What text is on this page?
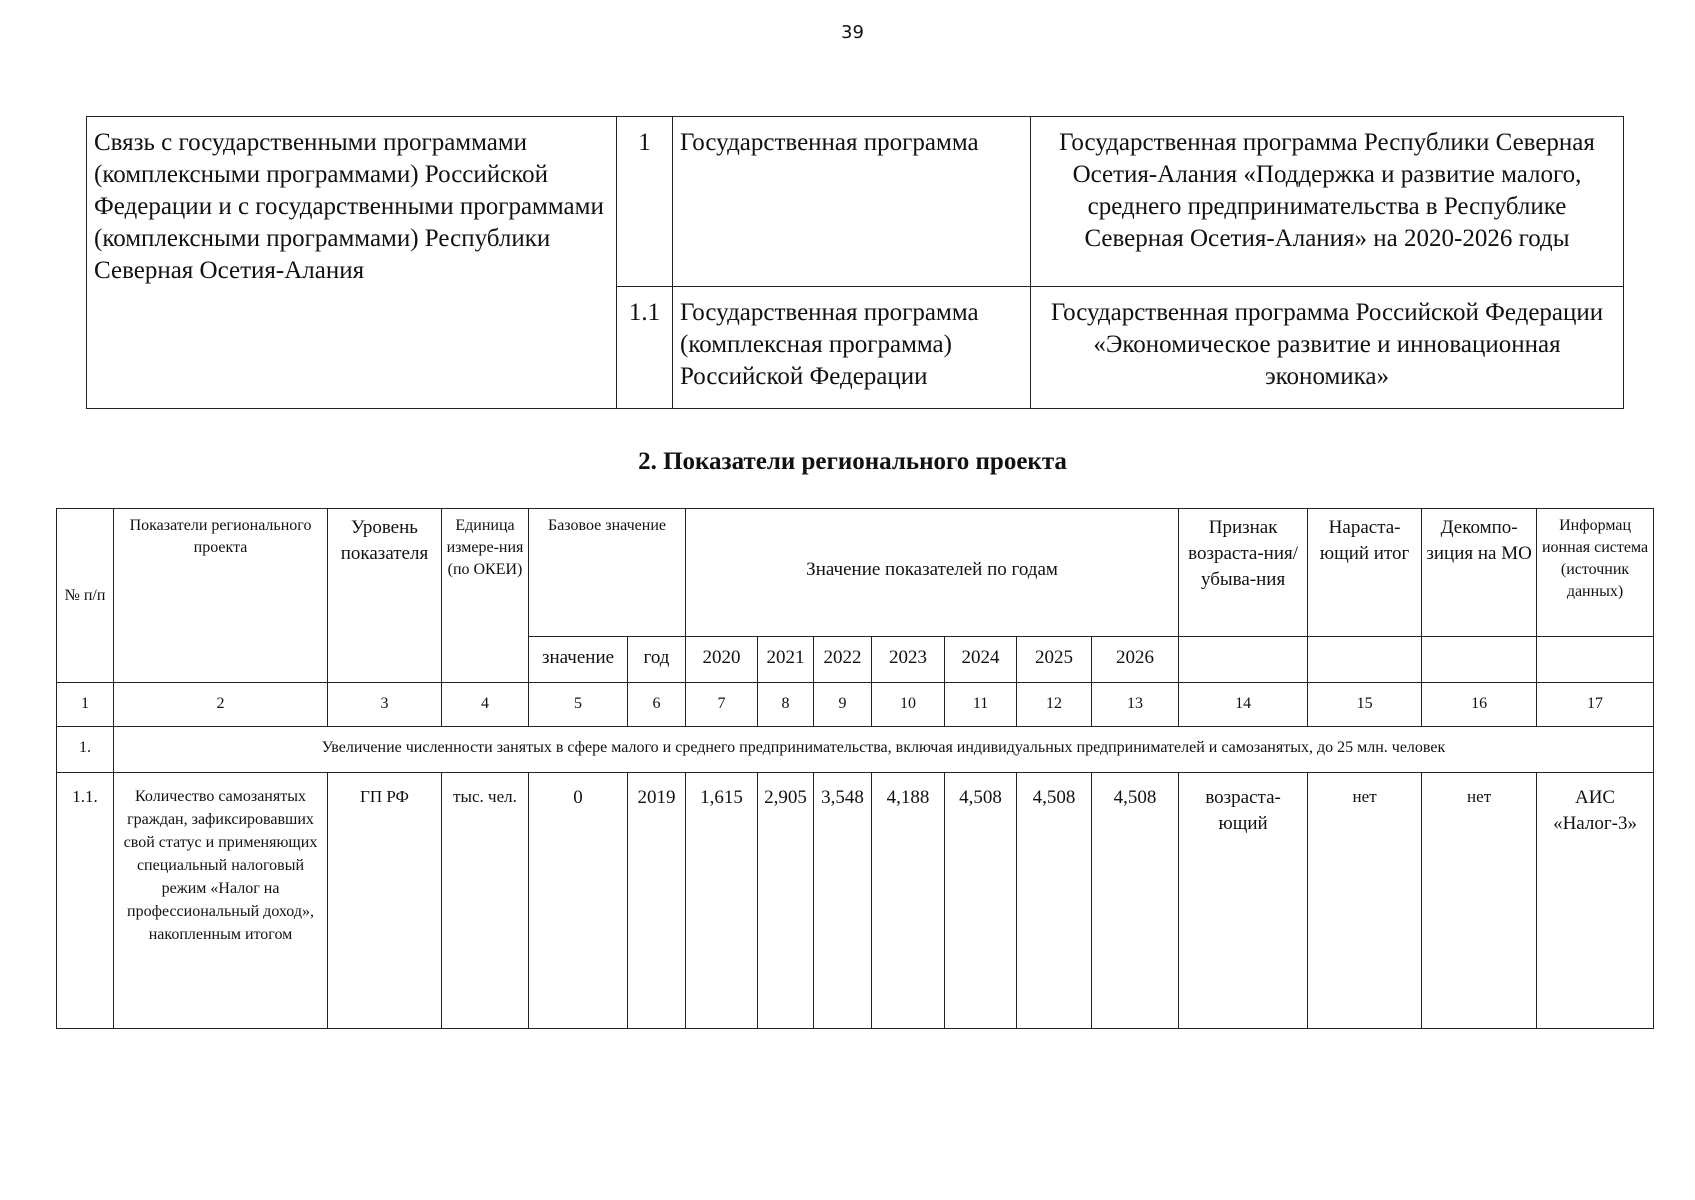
39
Связь с государственными программами (комплексными программами) Российской Федерации и с государственными программами (комплексными программами) Республики Северная Осетия-Алания	1	Государственная программа	Государственная программа Республики Северная Осетия-Алания «Поддержка и развитие малого, среднего предпринимательства в Республике Северная Осетия-Алания» на 2020-2026 годы
	1.1	Государственная программа (комплексная программа) Российской Федерации	Государственная программа Российской Федерации «Экономическое развитие и инновационная экономика»
2. Показатели регионального проекта
№ п/п	Показатели регионального проекта	Уровень показателя	Единица измере-ния (по ОКЕИ)	Базовое значение		Значение показателей по годам							Признак возраста-ния/убыва-ния	Нараста-ющий итог	Декомпо-зиция на МО	Информац ионная система (источник данных)
				значение	год	2020	2021	2022	2023	2024	2025	2026				
1	2	3	4	5	6	7	8	9	10	11	12	13	14	15	16	17
1.	Увеличение численности занятых в сфере малого и среднего предпринимательства, включая индивидуальных предпринимателей и самозанятых, до 25 млн. человек															
1.1.	Количество самозанятых граждан, зафиксировавших свой статус и применяющих специальный налоговый режим «Налог на профессиональный доход», накопленным итогом	ГП РФ	тыс. чел.	0	2019	1,615	2,905	3,548	4,188	4,508	4,508	4,508	возраста-ющий	нет	нет	АИС «Налог-3»
